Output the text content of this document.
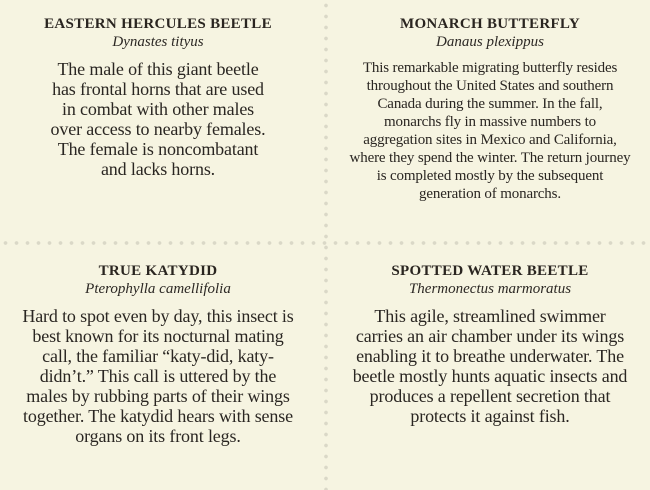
EASTERN HERCULES BEETLE

Dynastes tityus

The male of this giant beetle has frontal horns that are used in combat with other males over access to nearby females. The female is noncombatant and lacks horns.

MONARCH BUTTERFLY

Danaus plexippus

This remarkable migrating butterfly resides throughout the United States and southern Canada during the summer. In the fall, monarchs fly in massive numbers to aggregation sites in Mexico and California, where they spend the winter. The return journey is completed mostly by the subsequent generation of monarchs.

TRUE KATYDID

Pterophylla camellifolia

Hard to spot even by day, this insect is best known for its nocturnal mating call, the familiar “katy-did, katy-didn’t.” This call is uttered by the males by rubbing parts of their wings together. The katydid hears with sense organs on its front legs.

SPOTTED WATER BEETLE

Thermonectus marmoratus

This agile, streamlined swimmer carries an air chamber under its wings enabling it to breathe underwater. The beetle mostly hunts aquatic insects and produces a repellent secretion that protects it against fish.
